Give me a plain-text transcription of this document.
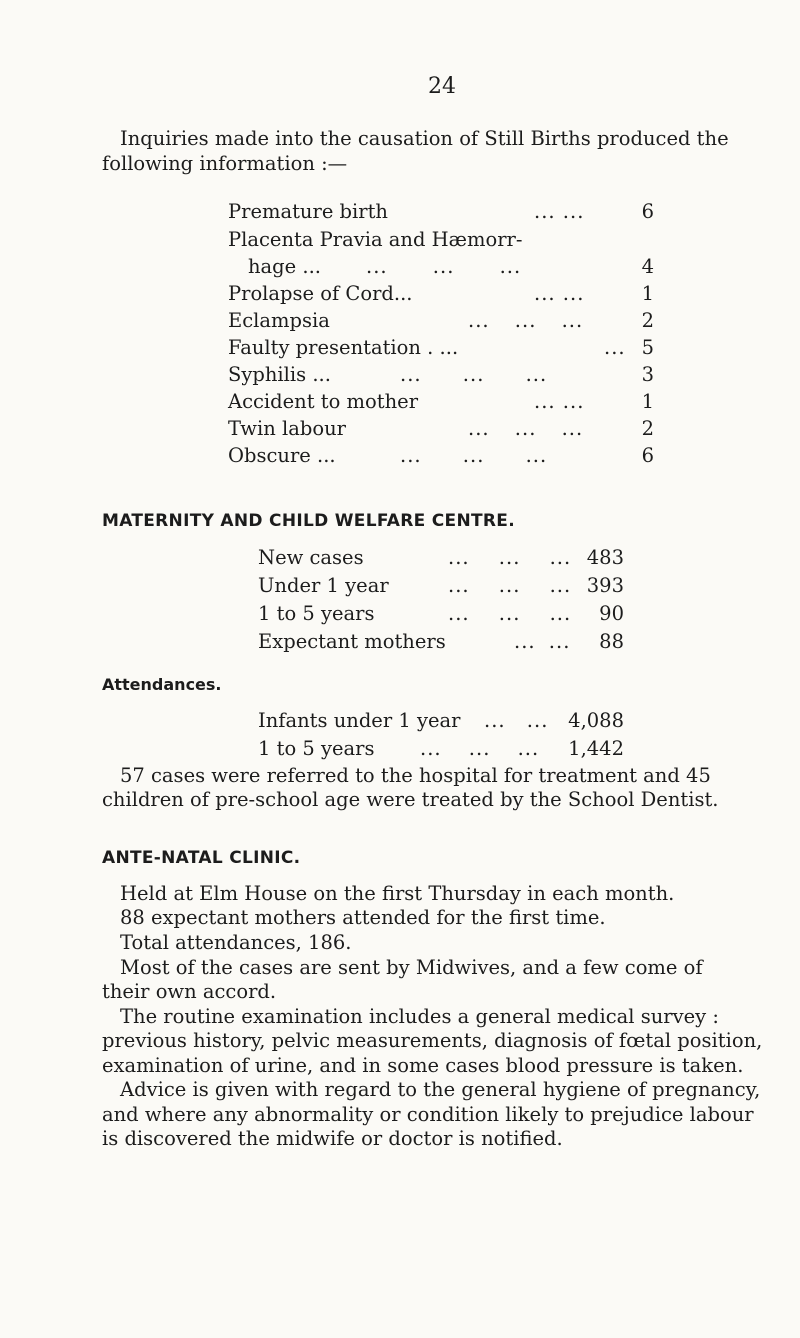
24
Inquiries made into the causation of Still Births produced the
following information :—
Premature birth	... ...	6
Placenta Pravia and Hæmorr-
hage ... ... ... ...	4
Prolapse of Cord...	... ...	1
Eclampsia	... ... ...	2
Faulty presentation . ...	... 5
Syphilis ...	... ... ...	3
Accident to mother	... ...	1
Twin labour	... ... ...	2
Obscure ...	... ... ...	6
MATERNITY AND CHILD WELFARE CENTRE.
New cases	... ... ... 483
Under 1 year	... ... ... 393
1 to 5 years	... ... ... 90
Expectant mothers	... ... 88
Attendances.
Infants under 1 year ... ... 4,088
1 to 5 years ... ... ... 1,442
57 cases were referred to the hospital for treatment and 45
children of pre-school age were treated by the School Dentist.
ANTE-NATAL CLINIC.
Held at Elm House on the first Thursday in each month.
88 expectant mothers attended for the first time.
Total attendances, 186.
Most of the cases are sent by Midwives, and a few come of
their own accord.
The routine examination includes a general medical survey :
previous history, pelvic measurements, diagnosis of fœtal position,
examination of urine, and in some cases blood pressure is taken.
Advice is given with regard to the general hygiene of pregnancy,
and where any abnormality or condition likely to prejudice labour
is discovered the midwife or doctor is notified.
